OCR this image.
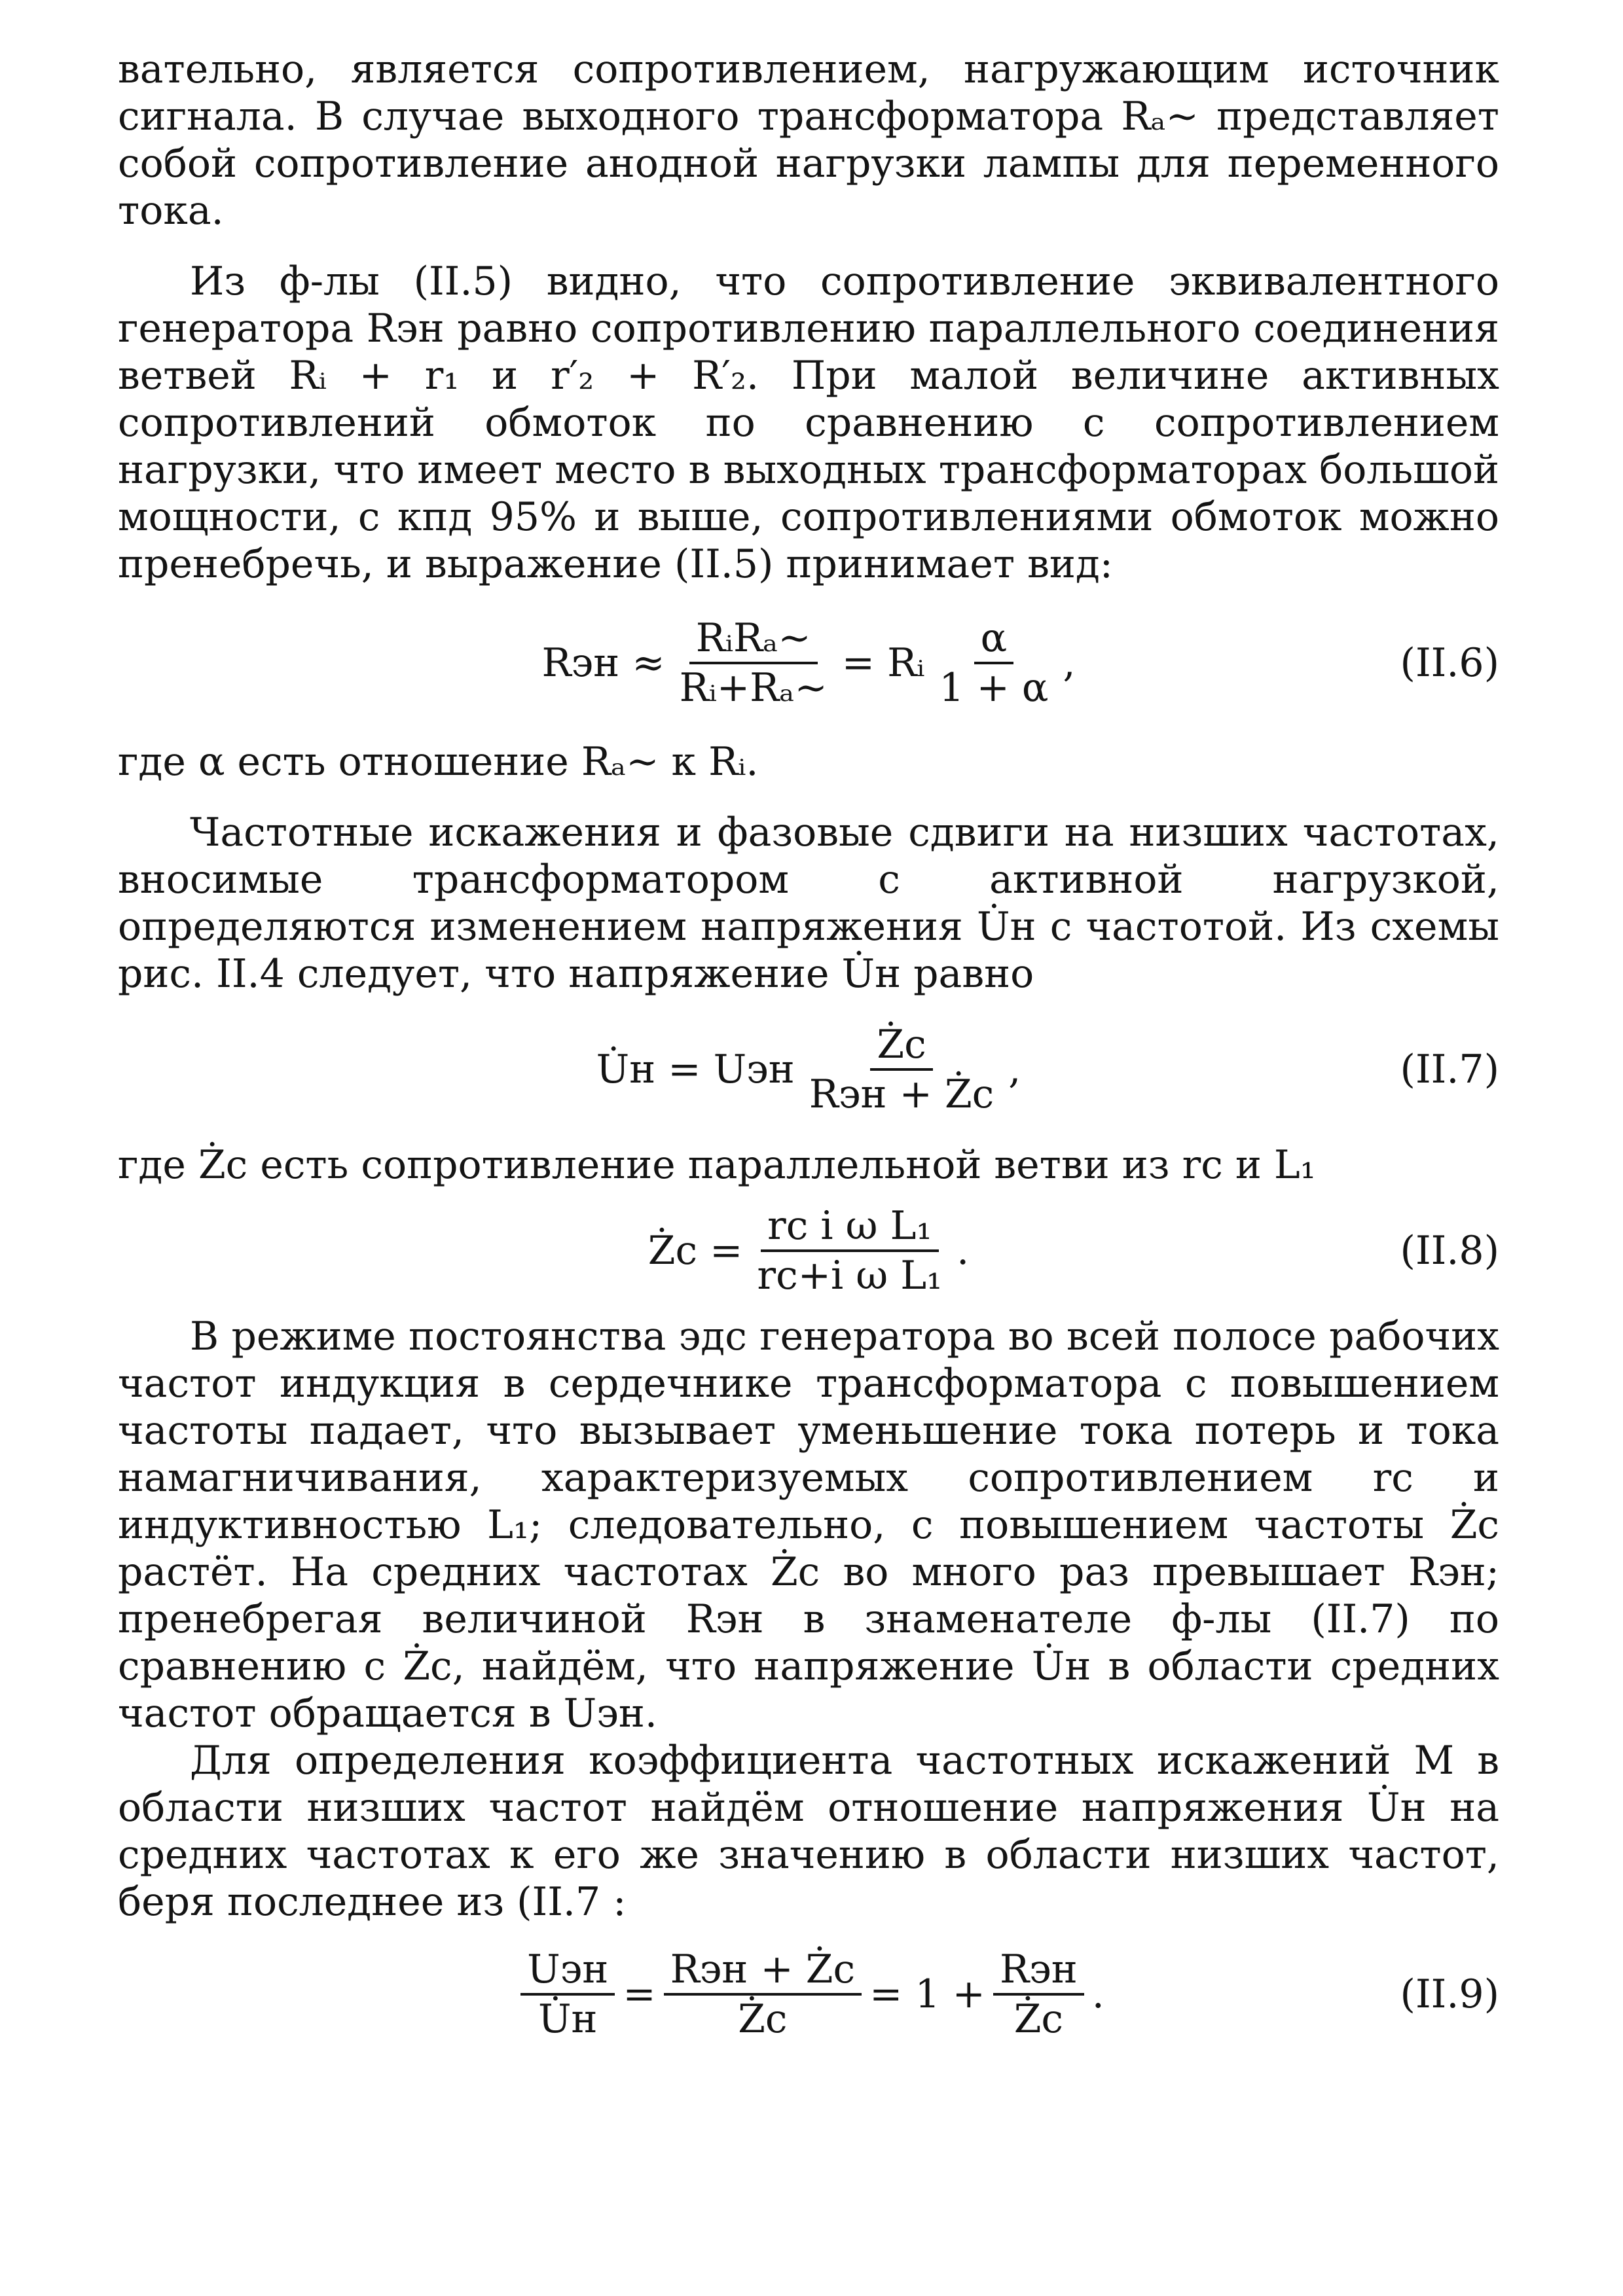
вательно, является сопротивлением, нагружающим источник сигнала. В случае выходного трансформатора Rₐ~ представляет собой сопротивление анодной нагрузки лампы для переменного тока.

Из ф-лы (II.5) видно, что сопротивление эквивалентного генератора Rэн равно сопротивлению параллельного соединения ветвей Rᵢ + r₁ и r′₂ + R′₂. При малой величине активных сопротивлений обмоток по сравнению с сопротивлением нагрузки, что имеет место в выходных трансформаторах большой мощности, с кпд 95% и выше, сопротивлениями обмоток можно пренебречь, и выражение (II.5) принимает вид:

Rэн ≈ $\frac{\text{RᵢRₐ\textasciitilde{}}}{\text{Rᵢ+Rₐ\textasciitilde{}}}$ = Rᵢ $\frac{\alpha}{1 + \alpha}$ ,	(II.6)

где α есть отношение Rₐ~ к Rᵢ.

Частотные искажения и фазовые сдвиги на низших частотах, вносимые трансформатором с активной нагрузкой, определяются изменением напряжения U̇н с частотой. Из схемы рис. II.4 следует, что напряжение U̇н равно

U̇н = Uэн $\frac{Żс}{\text{Rэн + Żс}}$ ,	(II.7)

где Żс есть сопротивление параллельной ветви из rс и L₁

Żс = $\frac{\text{rс i ω L₁}}{\text{rс+i ω L₁}}$ .	(II.8)

В режиме постоянства эдс генератора во всей полосе рабочих частот индукция в сердечнике трансформатора с повышением частоты падает, что вызывает уменьшение тока потерь и тока намагничивания, характеризуемых сопротивлением rс и индуктивностью L₁; следовательно, с повышением частоты Żс растёт. На средних частотах Żс во много раз превышает Rэн; пренебрегая величиной Rэн в знаменателе ф-лы (II.7) по сравнению с Żс, найдём, что напряжение U̇н в области средних частот обращается в Uэн.

Для определения коэффициента частотных искажений M в области низших частот найдём отношение напряжения U̇н на средних частотах к его же значению в области низших частот, беря последнее из (II.7 :

$\frac{\text{Uэн}}{U̇н} = \frac{\text{Rэн + Żс}}{Żс} = 1 + \frac{\text{Rэн}}{Żс}$ .	(II.9)
